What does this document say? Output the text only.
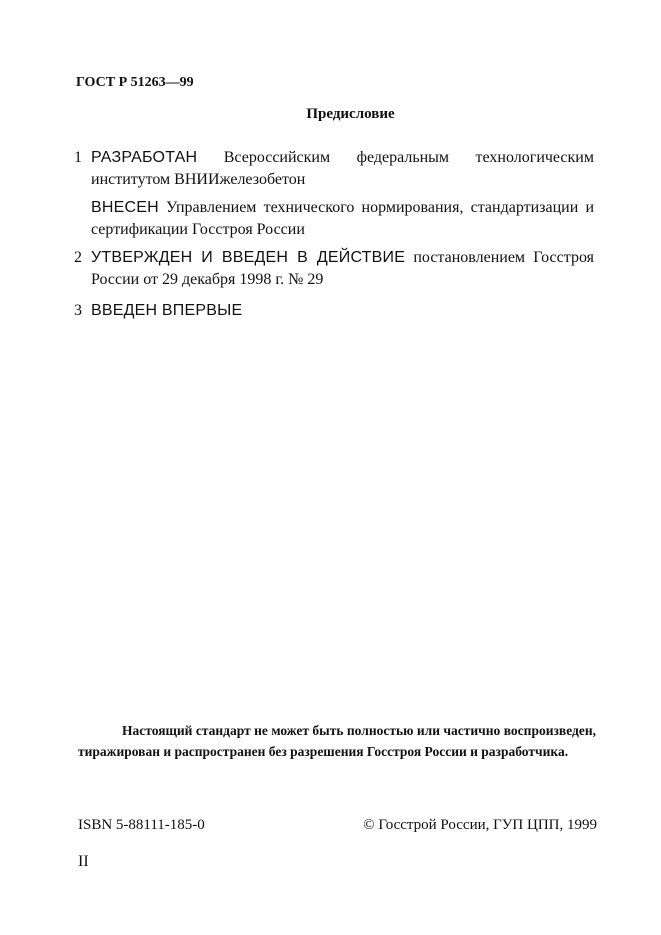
ГОСТ Р 51263—99
Предисловие
1 РАЗРАБОТАН Всероссийским федеральным технологическим институтом ВНИИжелезобетон
ВНЕСЕН Управлением технического нормирования, стандартизации и сертификации Госстроя России
2 УТВЕРЖДЕН И ВВЕДЕН В ДЕЙСТВИЕ постановлением Госстроя России от 29 декабря 1998 г. № 29
3 ВВЕДЕН ВПЕРВЫЕ
Настоящий стандарт не может быть полностью или частично воспроизведен, тиражирован и распространен без разрешения Госстроя России и разработчика.
ISBN 5-88111-185-0	© Госстрой России, ГУП ЦПП, 1999
II
